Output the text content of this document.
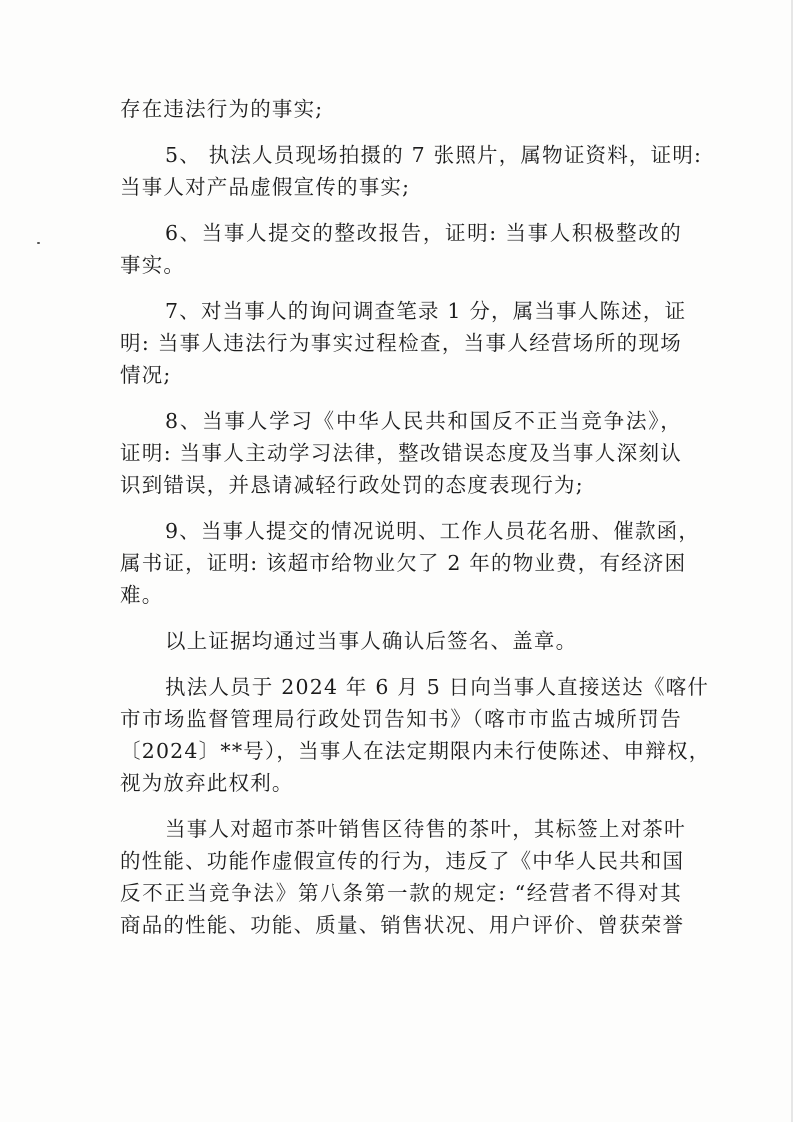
存在违法行为的事实;
5、 执法人员现场拍摄的 7 张照片，属物证资料，证明:
当事人对产品虚假宣传的事实;
6、当事人提交的整改报告，证明: 当事人积极整改的
事实。
7、对当事人的询问调查笔录 1 分，属当事人陈述，证
明: 当事人违法行为事实过程检查，当事人经营场所的现场
情况;
8、当事人学习《中华人民共和国反不正当竞争法》，
证明: 当事人主动学习法律，整改错误态度及当事人深刻认
识到错误，并恳请减轻行政处罚的态度表现行为;
9、当事人提交的情况说明、工作人员花名册、催款函，
属书证，证明: 该超市给物业欠了 2 年的物业费，有经济困
难。
以上证据均通过当事人确认后签名、盖章。
执法人员于 2024 年 6 月 5 日向当事人直接送达《喀什
市市场监督管理局行政处罚告知书》（喀市市监古城所罚告
〔2024〕**号），当事人在法定期限内未行使陈述、申辩权，
视为放弃此权利。
当事人对超市茶叶销售区待售的茶叶，其标签上对茶叶
的性能、功能作虚假宣传的行为，违反了《中华人民共和国
反不正当竞争法》第八条第一款的规定: “经营者不得对其
商品的性能、功能、质量、销售状况、用户评价、曾获荣誉
